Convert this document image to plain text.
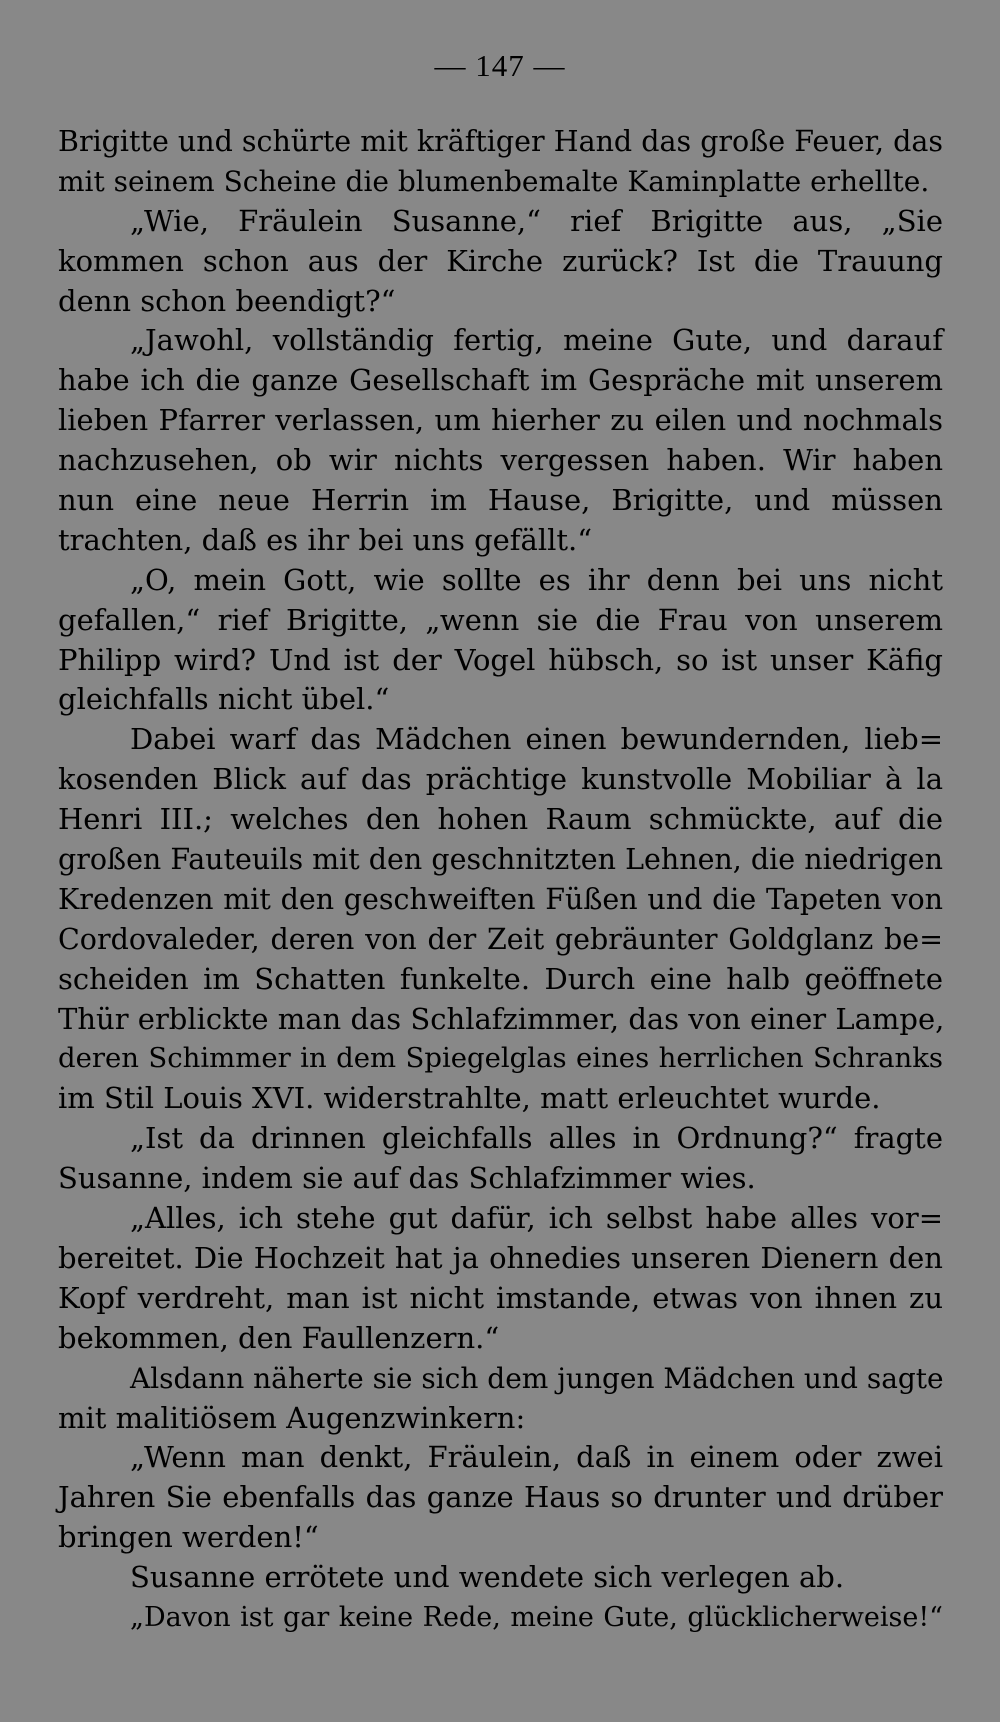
— 147 —
Brigitte und schürte mit kräftiger Hand das große Feuer, das
mit seinem Scheine die blumenbemalte Kaminplatte erhellte.
„Wie, Fräulein Susanne,“ rief Brigitte aus, „Sie
kommen schon aus der Kirche zurück? Ist die Trauung
denn schon beendigt?“
„Jawohl, vollständig fertig, meine Gute, und darauf
habe ich die ganze Gesellschaft im Gespräche mit unserem
lieben Pfarrer verlassen, um hierher zu eilen und nochmals
nachzusehen, ob wir nichts vergessen haben. Wir haben
nun eine neue Herrin im Hause, Brigitte, und müssen
trachten, daß es ihr bei uns gefällt.“
„O, mein Gott, wie sollte es ihr denn bei uns nicht
gefallen,“ rief Brigitte, „wenn sie die Frau von unserem
Philipp wird? Und ist der Vogel hübsch, so ist unser Käfig
gleichfalls nicht übel.“
Dabei warf das Mädchen einen bewundernden, lieb=
kosenden Blick auf das prächtige kunstvolle Mobiliar à la
Henri III.; welches den hohen Raum schmückte, auf die
großen Fauteuils mit den geschnitzten Lehnen, die niedrigen
Kredenzen mit den geschweiften Füßen und die Tapeten von
Cordovaleder, deren von der Zeit gebräunter Goldglanz be=
scheiden im Schatten funkelte. Durch eine halb geöffnete
Thür erblickte man das Schlafzimmer, das von einer Lampe,
deren Schimmer in dem Spiegelglas eines herrlichen Schranks
im Stil Louis XVI. widerstrahlte, matt erleuchtet wurde.
„Ist da drinnen gleichfalls alles in Ordnung?“ fragte
Susanne, indem sie auf das Schlafzimmer wies.
„Alles, ich stehe gut dafür, ich selbst habe alles vor=
bereitet. Die Hochzeit hat ja ohnedies unseren Dienern den
Kopf verdreht, man ist nicht imstande, etwas von ihnen zu
bekommen, den Faullenzern.“
Alsdann näherte sie sich dem jungen Mädchen und sagte
mit malitiösem Augenzwinkern:
„Wenn man denkt, Fräulein, daß in einem oder zwei
Jahren Sie ebenfalls das ganze Haus so drunter und drüber
bringen werden!“
Susanne errötete und wendete sich verlegen ab.
„Davon ist gar keine Rede, meine Gute, glücklicherweise!“
